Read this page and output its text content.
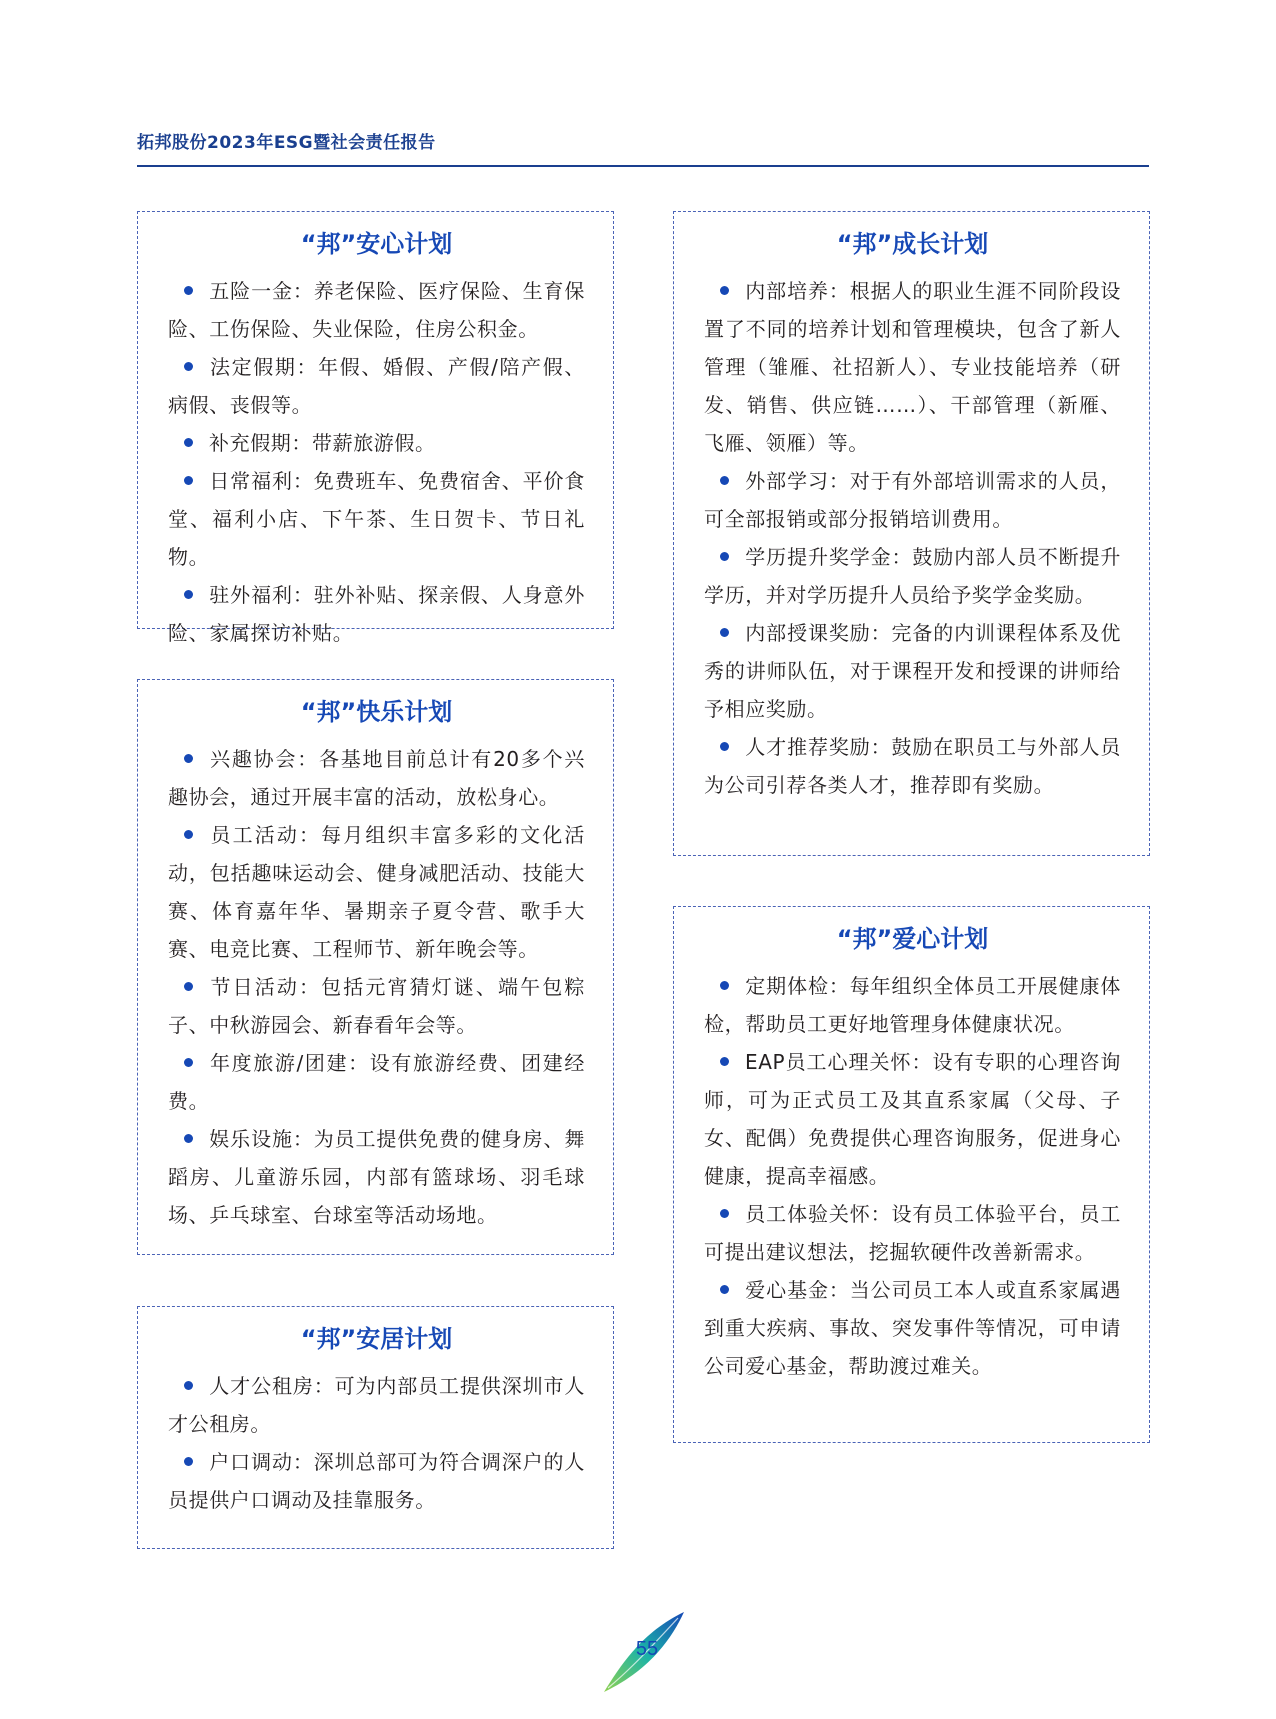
拓邦股份2023年ESG暨社会责任报告
“邦”安心计划

五险一金：养老保险、医疗保险、生育保险、工伤保险、失业保险，住房公积金。

法定假期：年假、婚假、产假/陪产假、病假、丧假等。

补充假期：带薪旅游假。

日常福利：免费班车、免费宿舍、平价食堂、福利小店、下午茶、生日贺卡、节日礼物。

驻外福利：驻外补贴、探亲假、人身意外险、家属探访补贴。

“邦”快乐计划

兴趣协会：各基地目前总计有20多个兴趣协会，通过开展丰富的活动，放松身心。

员工活动：每月组织丰富多彩的文化活动，包括趣味运动会、健身减肥活动、技能大赛、体育嘉年华、暑期亲子夏令营、歌手大赛、电竞比赛、工程师节、新年晚会等。

节日活动：包括元宵猜灯谜、端午包粽子、中秋游园会、新春看年会等。

年度旅游/团建：设有旅游经费、团建经费。

娱乐设施：为员工提供免费的健身房、舞蹈房、儿童游乐园，内部有篮球场、羽毛球场、乒乓球室、台球室等活动场地。

“邦”安居计划

人才公租房：可为内部员工提供深圳市人才公租房。

户口调动：深圳总部可为符合调深户的人员提供户口调动及挂靠服务。

“邦”成长计划

内部培养：根据人的职业生涯不同阶段设置了不同的培养计划和管理模块，包含了新人管理（雏雁、社招新人）、专业技能培养（研发、销售、供应链……）、干部管理（新雁、飞雁、领雁）等。

外部学习：对于有外部培训需求的人员，可全部报销或部分报销培训费用。

学历提升奖学金：鼓励内部人员不断提升学历，并对学历提升人员给予奖学金奖励。

内部授课奖励：完备的内训课程体系及优秀的讲师队伍，对于课程开发和授课的讲师给予相应奖励。

人才推荐奖励：鼓励在职员工与外部人员为公司引荐各类人才，推荐即有奖励。

“邦”爱心计划

定期体检：每年组织全体员工开展健康体检，帮助员工更好地管理身体健康状况。

EAP员工心理关怀：设有专职的心理咨询师，可为正式员工及其直系家属（父母、子女、配偶）免费提供心理咨询服务，促进身心健康，提高幸福感。

员工体验关怀：设有员工体验平台，员工可提出建议想法，挖掘软硬件改善新需求。

爱心基金：当公司员工本人或直系家属遇到重大疾病、事故、突发事件等情况，可申请公司爱心基金，帮助渡过难关。

55
